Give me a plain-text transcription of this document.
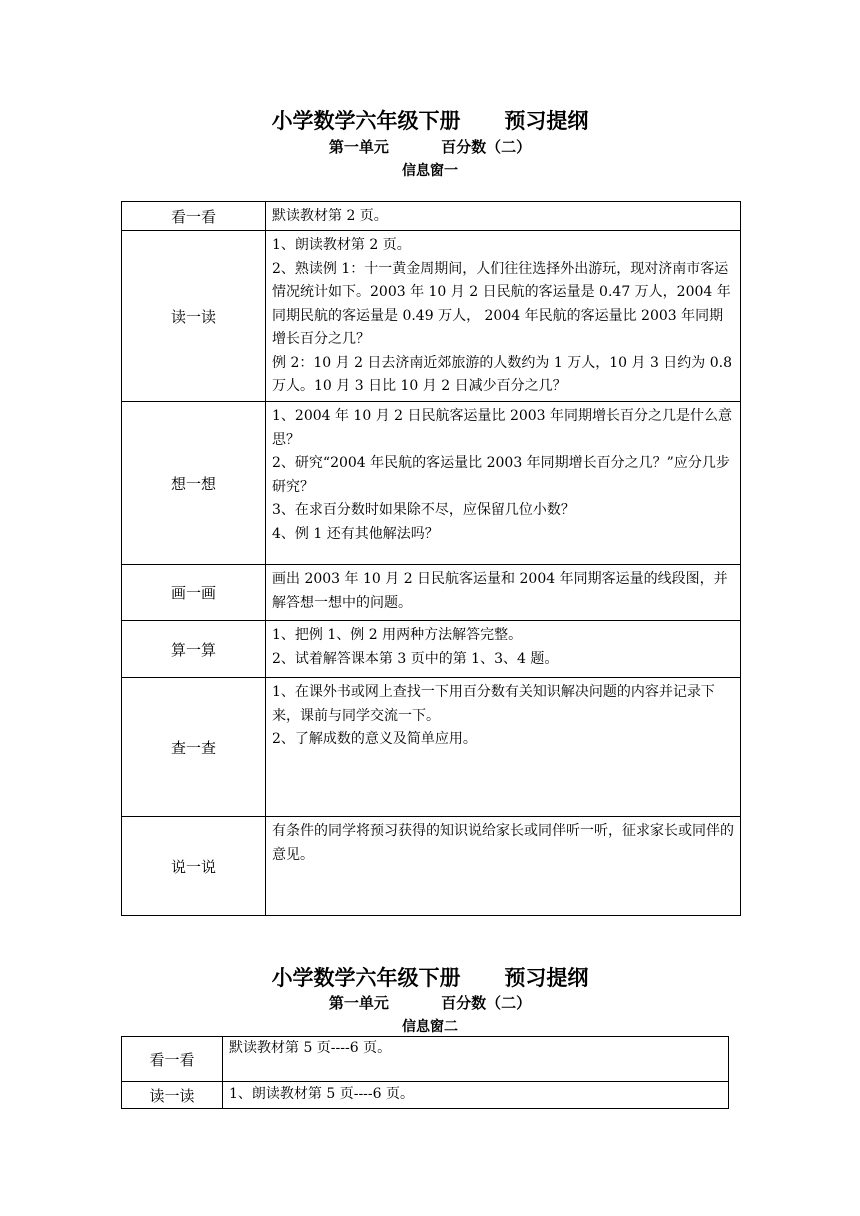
小学数学六年级下册      预习提纲
第一单元          百分数（二）
信息窗一
看一看	默读教材第 2 页。

读一读	1、朗读教材第 2 页。
2、熟读例 1：十一黄金周期间，人们往往选择外出游玩，现对济南市客运情况统计如下。2003 年 10 月 2 日民航的客运量是 0.47 万人，2004 年同期民航的客运量是 0.49 万人， 2004 年民航的客运量比 2003 年同期增长百分之几？
例 2：10 月 2 日去济南近郊旅游的人数约为 1 万人，10 月 3 日约为 0.8 万人。10 月 3 日比 10 月 2 日减少百分之几？

想一想	1、2004 年 10 月 2 日民航客运量比 2003 年同期增长百分之几是什么意思？
2、研究“2004 年民航的客运量比 2003 年同期增长百分之几？”应分几步研究？
3、在求百分数时如果除不尽，应保留几位小数？
4、例 1 还有其他解法吗？

画一画	画出 2003 年 10 月 2 日民航客运量和 2004 年同期客运量的线段图，并解答想一想中的问题。

算一算	1、把例 1、例 2 用两种方法解答完整。
2、试着解答课本第 3 页中的第 1、3、4 题。

查一查	1、在课外书或网上查找一下用百分数有关知识解决问题的内容并记录下来，课前与同学交流一下。
2、了解成数的意义及简单应用。

说一说	有条件的同学将预习获得的知识说给家长或同伴听一听，征求家长或同伴的意见。
小学数学六年级下册      预习提纲
第一单元          百分数（二）
信息窗二
看一看	默读教材第 5 页----6 页。

读一读	1、朗读教材第 5 页----6 页。
